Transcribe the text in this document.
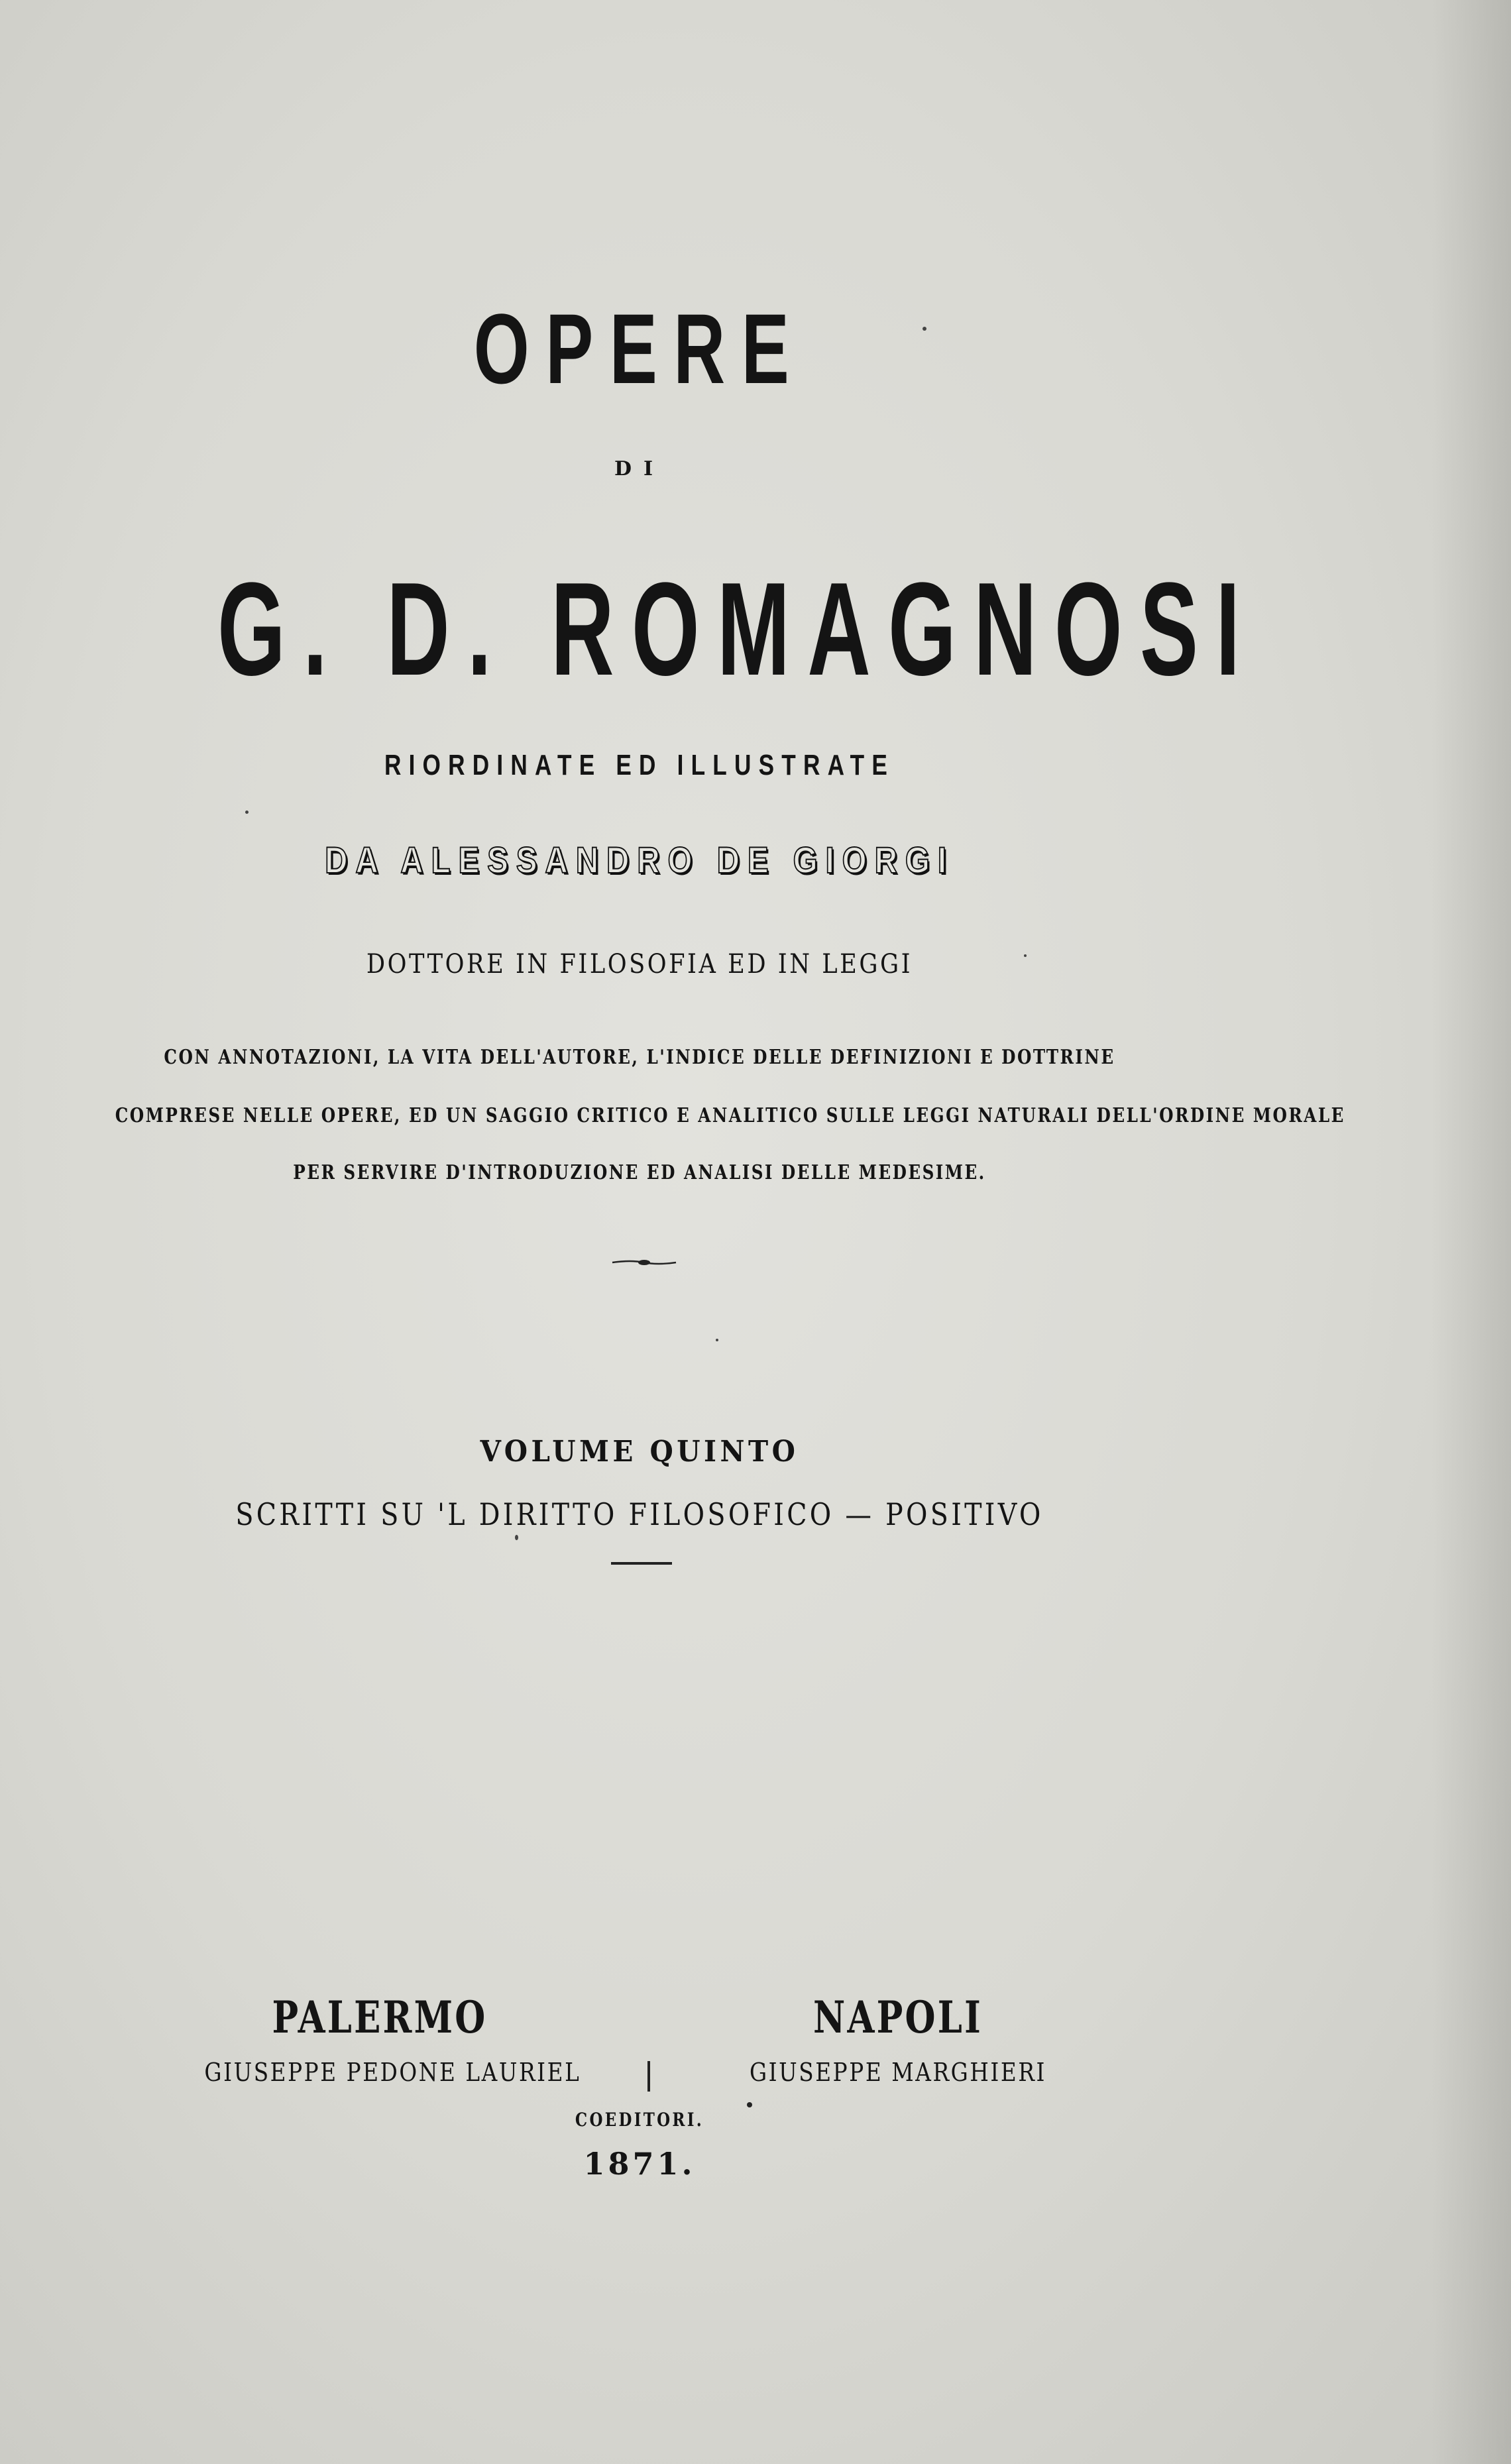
OPERE
DI
G. D. ROMAGNOSI
RIORDINATE ED ILLUSTRATE
DA ALESSANDRO DE GIORGI
DOTTORE IN FILOSOFIA ED IN LEGGI
CON ANNOTAZIONI, LA VITA DELL'AUTORE, L'INDICE DELLE DEFINIZIONI E DOTTRINE
COMPRESE NELLE OPERE, ED UN SAGGIO CRITICO E ANALITICO SULLE LEGGI NATURALI DELL'ORDINE MORALE
PER SERVIRE D'INTRODUZIONE ED ANALISI DELLE MEDESIME.
VOLUME QUINTO
SCRITTI SU 'L DIRITTO FILOSOFICO — POSITIVO
PALERMO	NAPOLI
GIUSEPPE PEDONE LAURIEL	GIUSEPPE MARGHIERI
COEDITORI.
1871.
